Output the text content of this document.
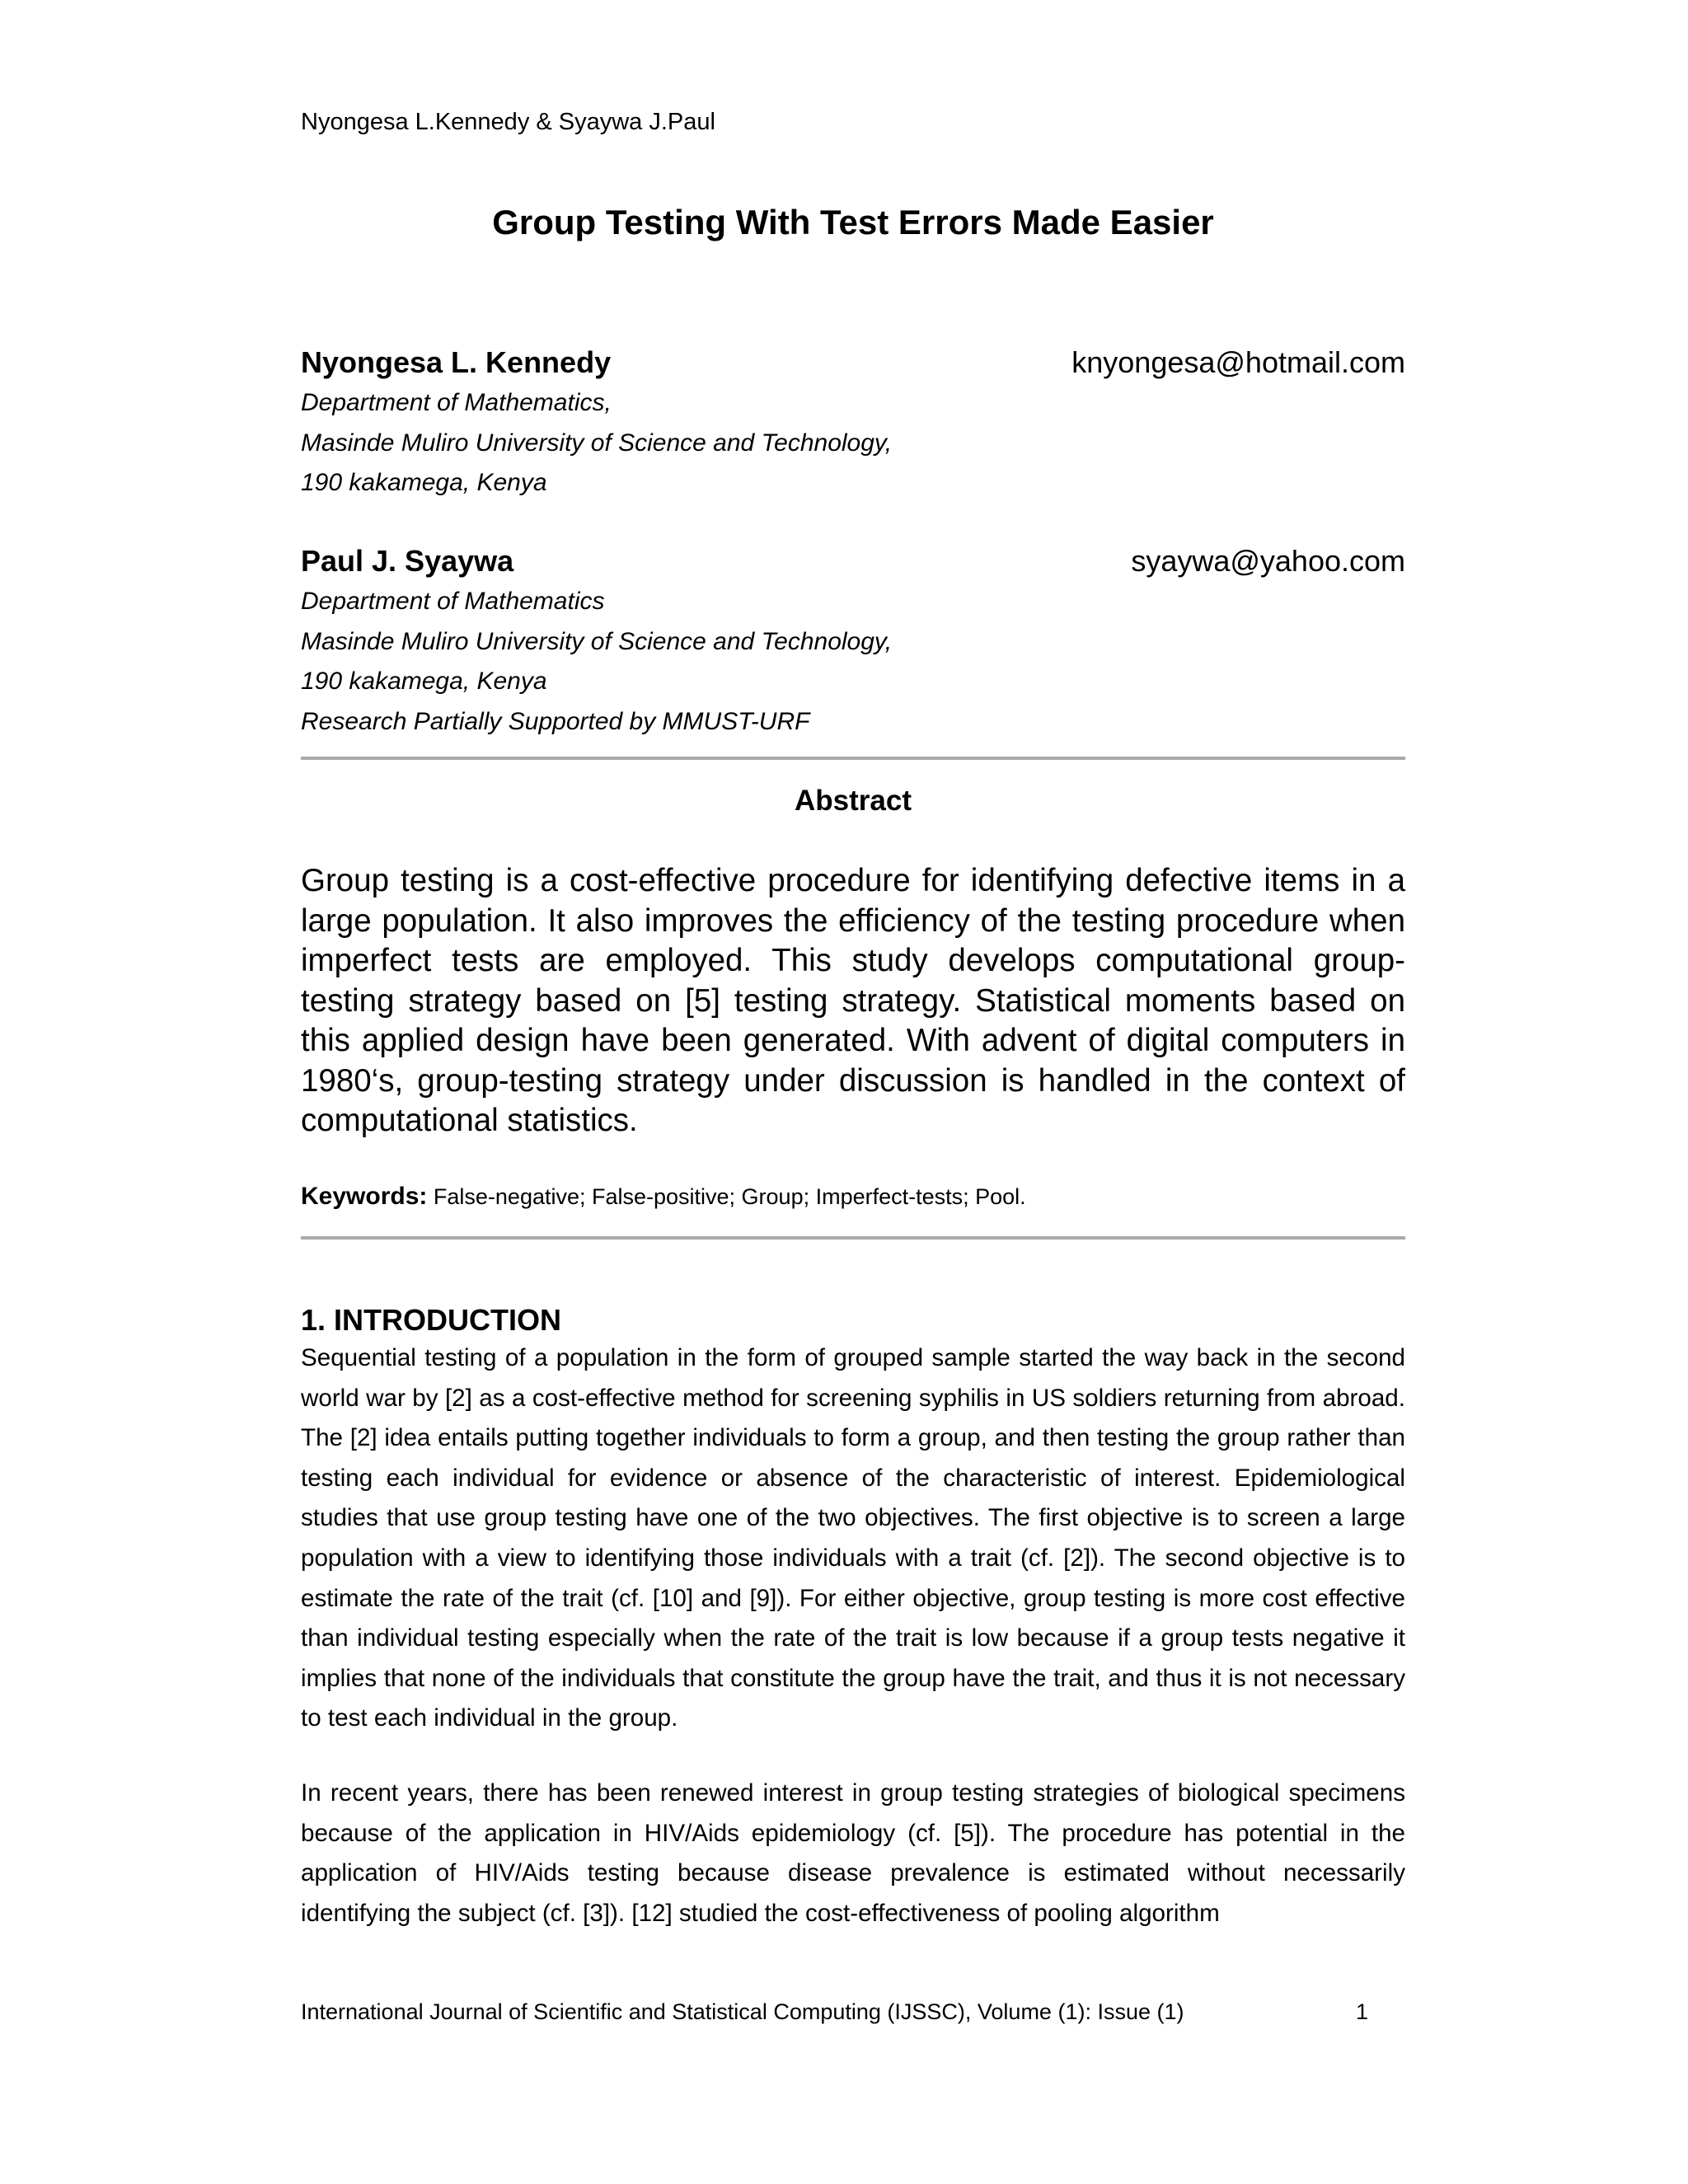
Nyongesa L.Kennedy & Syaywa J.Paul
Group Testing With Test Errors Made Easier
Nyongesa L. Kennedy	knyongesa@hotmail.com
Department of Mathematics,
Masinde Muliro University of Science and Technology,
190 kakamega, Kenya
Paul J. Syaywa	syaywa@yahoo.com
Department of Mathematics
Masinde Muliro University of Science and Technology,
190 kakamega, Kenya
Research Partially Supported by MMUST-URF
Abstract
Group testing is a cost-effective procedure for identifying defective items in a large population. It also improves the efficiency of the testing procedure when imperfect tests are employed. This study develops computational group-testing strategy based on [5] testing strategy. Statistical moments based on this applied design have been generated. With advent of digital computers in 1980‘s, group-testing strategy under discussion is handled in the context of computational statistics.
Keywords: False-negative; False-positive; Group; Imperfect-tests; Pool.
1. INTRODUCTION
Sequential testing of a population in the form of grouped sample started the way back in the second world war by [2] as a cost-effective method for screening syphilis in US soldiers returning from abroad. The [2] idea entails putting together individuals to form a group, and then testing the group rather than testing each individual for evidence or absence of the characteristic of interest. Epidemiological studies that use group testing have one of the two objectives. The first objective is to screen a large population with a view to identifying those individuals with a trait (cf. [2]). The second objective is to estimate the rate of the trait (cf. [10] and [9]). For either objective, group testing is more cost effective than individual testing especially when the rate of the trait is low because if a group tests negative it implies that none of the individuals that constitute the group have the trait, and thus it is not necessary to test each individual in the group.
In recent years, there has been renewed interest in group testing strategies of biological specimens because of the application in HIV/Aids epidemiology (cf. [5]). The procedure has potential in the application of HIV/Aids testing because disease prevalence is estimated without necessarily identifying the subject (cf. [3]). [12] studied the cost-effectiveness of pooling algorithm
International Journal of Scientific and Statistical Computing (IJSSC), Volume (1): Issue (1)	1
